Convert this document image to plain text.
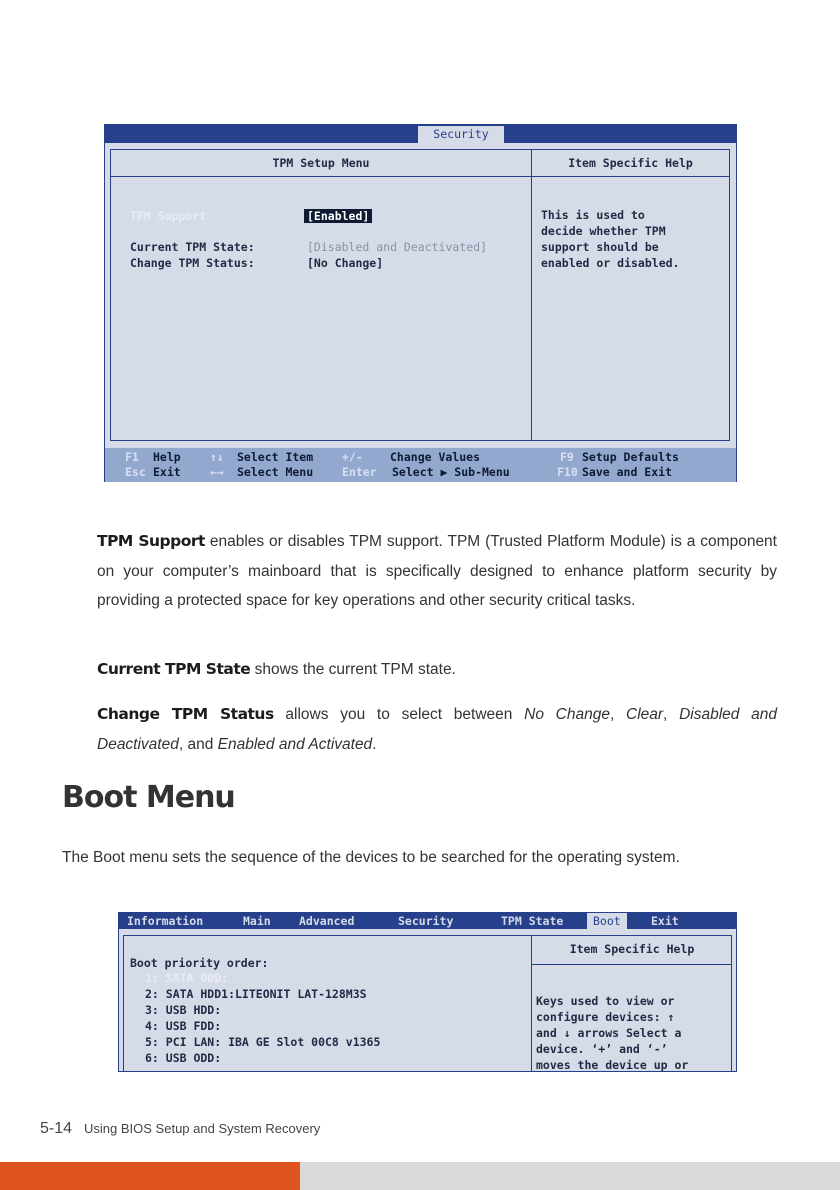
Security
TPM Setup Menu	Item Specific Help
TPM Support	[Enabled]
Current TPM State:	[Disabled and Deactivated]
Change TPM Status:	[No Change]
This is used to
decide whether TPM
support should be
enabled or disabled.
F1 Help	↑↓ Select Item	+/- Change Values	F9 Setup Defaults
Esc Exit	←→ Select Menu	Enter Select ▶ Sub-Menu	F10 Save and Exit
TPM Support enables or disables TPM support. TPM (Trusted Platform Module) is a component on your computer’s mainboard that is specifically designed to enhance platform security by providing a protected space for key operations and other security critical tasks.
Current TPM State shows the current TPM state.
Change TPM Status allows you to select between No Change, Clear, Disabled and Deactivated, and Enabled and Activated.
Boot Menu
The Boot menu sets the sequence of the devices to be searched for the operating system.
Information	Main Advanced	Security	TPM State	Boot	Exit
Item Specific Help
Boot priority order:
1: SATA ODD:
2: SATA HDD1:LITEONIT LAT-128M3S
3: USB HDD:
4: USB FDD:
5: PCI LAN: IBA GE Slot 00C8 v1365
6: USB ODD:
Keys used to view or
configure devices: ↑
and ↓ arrows Select a
device. ‘+’ and ‘-’
moves the device up or
5-14 Using BIOS Setup and System Recovery
